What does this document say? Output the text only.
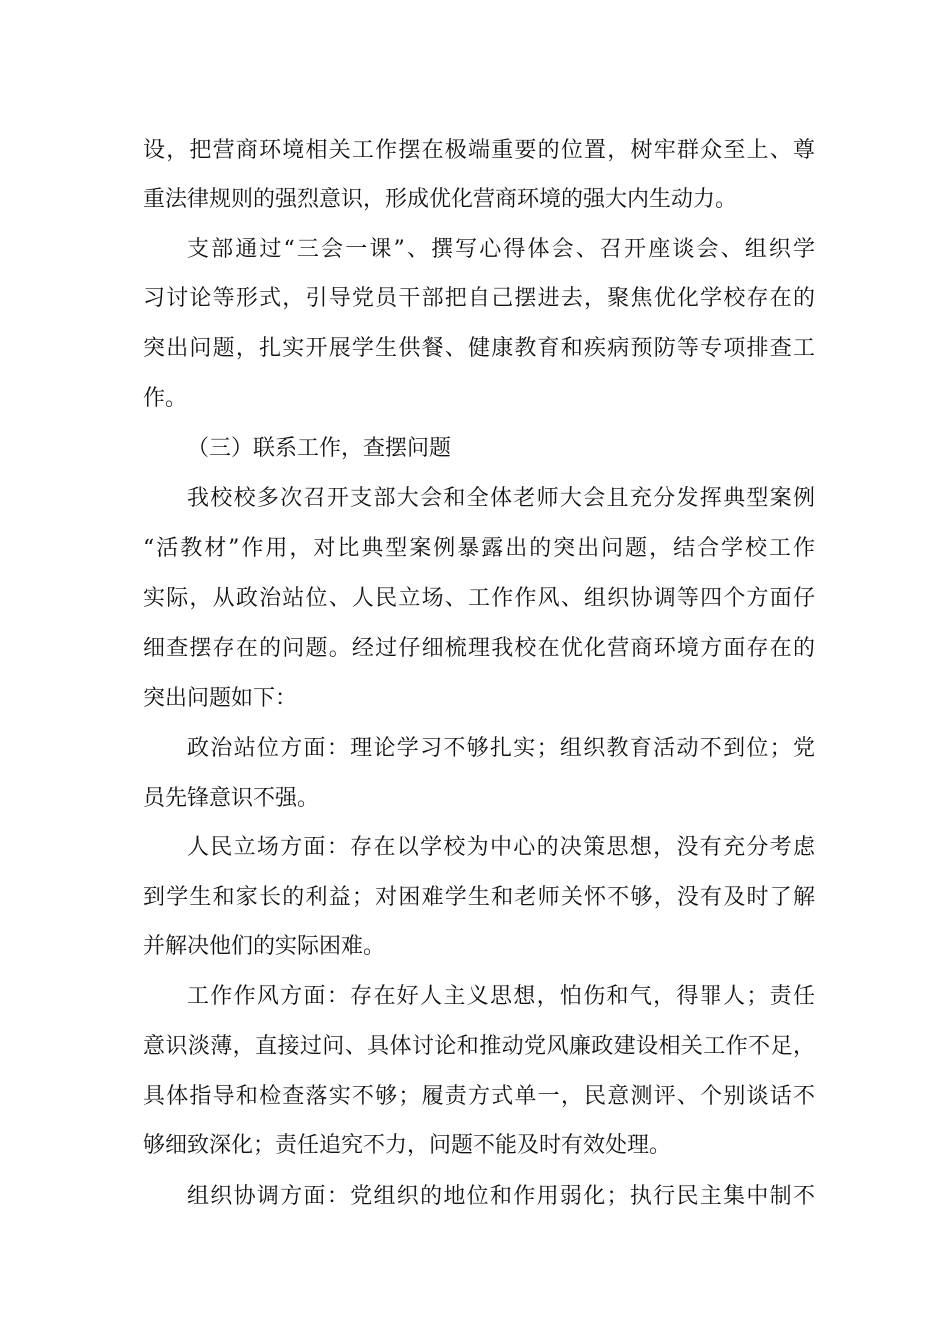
设，把营商环境相关工作摆在极端重要的位置，树牢群众至上、尊
重法律规则的强烈意识，形成优化营商环境的强大内生动力。
支部通过“三会一课”、撰写心得体会、召开座谈会、组织学
习讨论等形式，引导党员干部把自己摆进去，聚焦优化学校存在的
突出问题，扎实开展学生供餐、健康教育和疾病预防等专项排查工
作。
（三）联系工作，查摆问题
我校校多次召开支部大会和全体老师大会且充分发挥典型案例
“活教材”作用，对比典型案例暴露出的突出问题，结合学校工作
实际，从政治站位、人民立场、工作作风、组织协调等四个方面仔
细查摆存在的问题。经过仔细梳理我校在优化营商环境方面存在的
突出问题如下：
政治站位方面：理论学习不够扎实；组织教育活动不到位；党
员先锋意识不强。
人民立场方面：存在以学校为中心的决策思想，没有充分考虑
到学生和家长的利益；对困难学生和老师关怀不够，没有及时了解
并解决他们的实际困难。
工作作风方面：存在好人主义思想，怕伤和气，得罪人；责任
意识淡薄，直接过问、具体讨论和推动党风廉政建设相关工作不足，
具体指导和检查落实不够；履责方式单一，民意测评、个别谈话不
够细致深化；责任追究不力，问题不能及时有效处理。
组织协调方面：党组织的地位和作用弱化；执行民主集中制不
